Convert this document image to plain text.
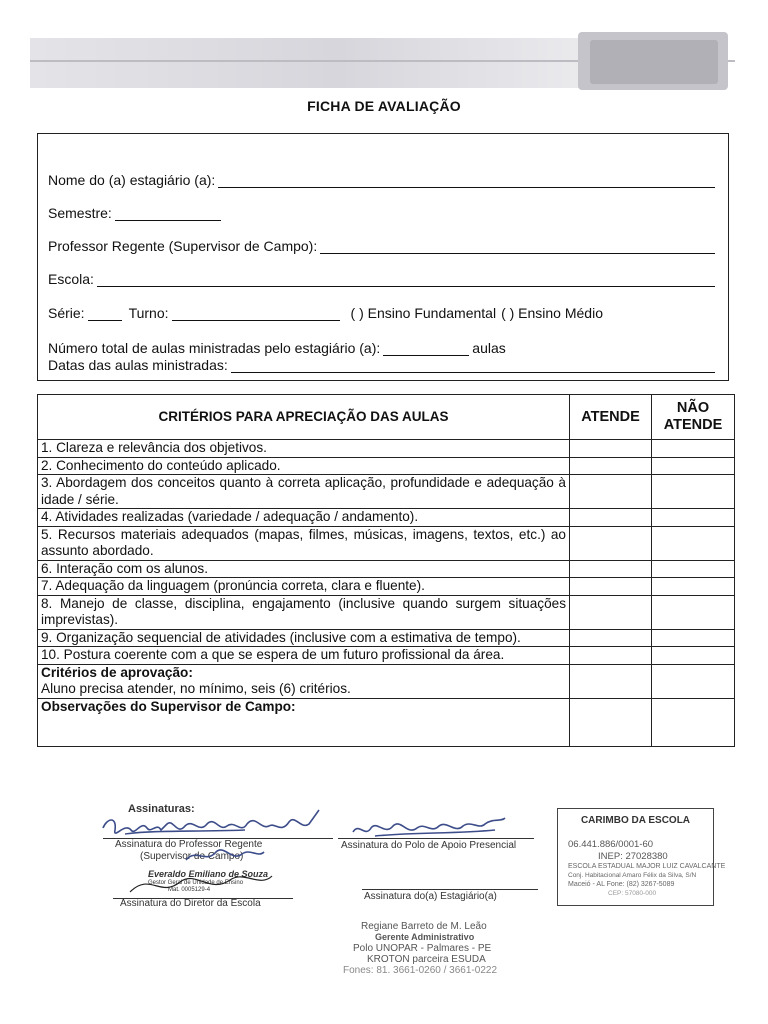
FICHA DE AVALIAÇÃO
Nome do (a) estagiário (a):
Semestre:
Professor Regente (Supervisor de Campo):
Escola:
Série:	Turno:	( ) Ensino Fundamental ( ) Ensino Médio
Número total de aulas ministradas pelo estagiário (a):	aulas
Datas das aulas ministradas:
CRITÉRIOS PARA APRECIAÇÃO DAS AULAS	ATENDE	NÃO ATENDE
1. Clareza e relevância dos objetivos.		
2. Conhecimento do conteúdo aplicado.		
3. Abordagem dos conceitos quanto à correta aplicação, profundidade e adequação à idade / série.		
4. Atividades realizadas (variedade / adequação / andamento).		
5. Recursos materiais adequados (mapas, filmes, músicas, imagens, textos, etc.) ao assunto abordado.		
6. Interação com os alunos.		
7. Adequação da linguagem (pronúncia correta, clara e fluente).		
8. Manejo de classe, disciplina, engajamento (inclusive quando surgem situações imprevistas).		
9. Organização sequencial de atividades (inclusive com a estimativa de tempo).		
10. Postura coerente com a que se espera de um futuro profissional da área.		

Critérios de aprovação:
Aluno precisa atender, no mínimo, seis (6) critérios.		

Observações do Supervisor de Campo:		

Assinaturas:
Assinatura do Professor Regente
(Supervisor de Campo)
Everaldo Emiliano de Souza
Gestor Geral de Unidade de Ensino
Mat. 0005129-4
Assinatura do Diretor da Escola
Assinatura do Polo de Apoio Presencial
Assinatura do(a) Estagiário(a)
Regiane Barreto de M. Leão
Gerente Administrativo
Polo UNOPAR - Palmares - PE
KROTON parceira ESUDA
Fones: 81. 3661-0260 / 3661-0222
CARIMBO DA ESCOLA
06.441.886/0001-60
INEP: 27028380
ESCOLA ESTADUAL MAJOR LUIZ CAVALCANTE
Conj. Habitacional Amaro Félix da Silva, S/N
Maceió - AL Fone: (82) 3267-5089
CEP: 57080-000
